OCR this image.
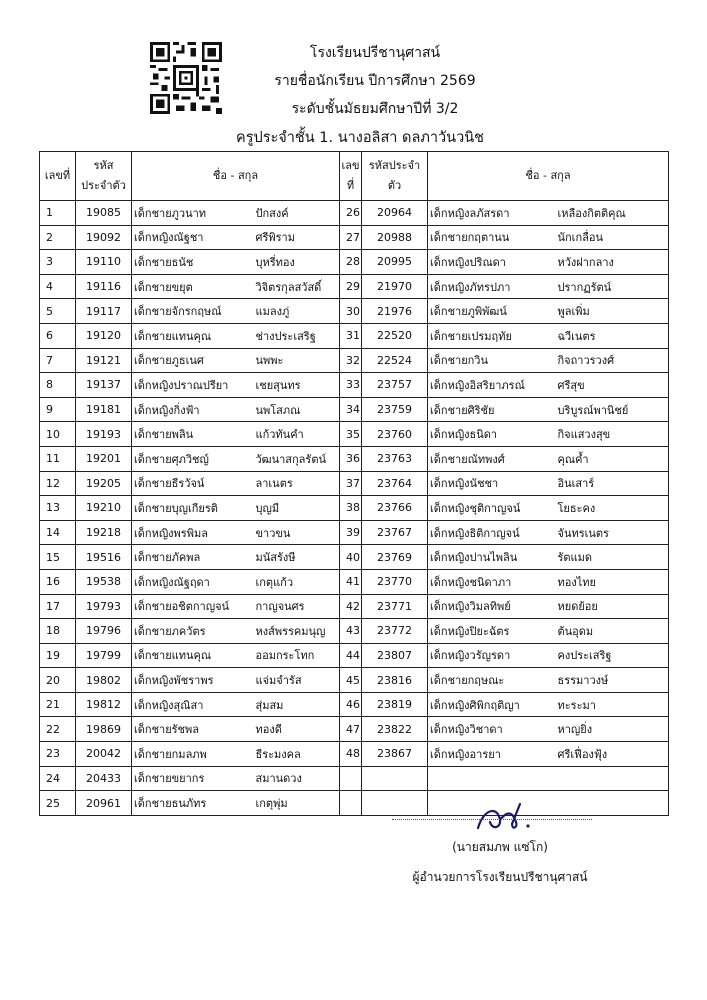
โรงเรียนปรีชานุศาสน์
รายชื่อนักเรียน ปีการศึกษา 2569
ระดับชั้นมัธยมศึกษาปีที่ 3/2
ครูประจำชั้น 1. นางอลิสา ดลภาวันวนิช
เลขที่	รหัสประจำตัว	ชื่อ - สกุล		เลขที่	รหัสประจำตัว	ชื่อ - สกุล	
1	19085	เด็กชายภูวนาท	ปักสงค์	26	20964	เด็กหญิงลภัสรดา	เหลืองกิตติคุณ
2	19092	เด็กหญิงณัฐชา	ศรีพิราม	27	20988	เด็กชายกฤตานน	นักเกลื่อน
3	19110	เด็กชายธนัช	บุหรี่ทอง	28	20995	เด็กหญิงปริณดา	หวังฝากลาง
4	19116	เด็กชายขยุต	วิจิตรกุลสวัสดิ์	29	21970	เด็กหญิงภัทรปภา	ปรากฏรัตน์
5	19117	เด็กชายจักรกฤษณ์	แมลงภู่	30	21976	เด็กชายภูพิพัฒน์	พูลเพิ่ม
6	19120	เด็กชายแทนคุณ	ช่างประเสริฐ	31	22520	เด็กชายเปรมฤทัย	ฉวีเนตร
7	19121	เด็กชายภูธเนศ	นพพะ	32	22524	เด็กชายกวิน	กิจถาวรวงศ์
8	19137	เด็กหญิงปราณปรียา	เชยสุนทร	33	23757	เด็กหญิงอิสริยาภรณ์	ศรีสุข
9	19181	เด็กหญิงกิ่งฟ้า	นพโสภณ	34	23759	เด็กชายศิริชัย	บริบูรณ์พานิชย์
10	19193	เด็กชายพลิน	แก้วทันคำ	35	23760	เด็กหญิงธนิดา	กิจแสวงสุข
11	19201	เด็กชายศุภวิชญ์	วัฒนาสกุลรัตน์	36	23763	เด็กชายณัทพงศ์	คุณค้ำ
12	19205	เด็กชายธีรวัจน์	ลาเนตร	37	23764	เด็กหญิงนัชชา	อินเสาร์
13	19210	เด็กชายบุญเกียรติ	บุญมี	38	23766	เด็กหญิงชุติกาญจน์	โยธะคง
14	19218	เด็กหญิงพรพิมล	ขาวขน	39	23767	เด็กหญิงธิติกาญจน์	จันทรเนตร
15	19516	เด็กชายภัคพล	มนัสรังษี	40	23769	เด็กหญิงปานไพลิน	รัตแมด
16	19538	เด็กหญิงณัฐฤดา	เกตุแก้ว	41	23770	เด็กหญิงชนิดาภา	ทองไทย
17	19793	เด็กชายอชิตกาญจน์	กาญจนศร	42	23771	เด็กหญิงวิมลทิพย์	หยดย้อย
18	19796	เด็กชายภควัตร	หงส์พรรคมนุญ	43	23772	เด็กหญิงปิยะฉัตร	ต้นอุดม
19	19799	เด็กชายแทนคุณ	ออมกระโทก	44	23807	เด็กหญิงวรัญรดา	คงประเสริฐ
20	19802	เด็กหญิงพัชราพร	แจ่มจำรัส	45	23816	เด็กชายกฤษณะ	ธรรมาวงษ์
21	19812	เด็กหญิงสุณิสา	สุ่มสม	46	23819	เด็กหญิงศิพิกฤติญา	ทะระมา
22	19869	เด็กชายรัชพล	ทองดี	47	23822	เด็กหญิงวิชาดา	หาญยิ่ง
23	20042	เด็กชายกมลภพ	ธีระมงคล	48	23867	เด็กหญิงอารยา	ศรีเฟื่องฟุ้ง
24	20433	เด็กชายขยากร	สมานดวง				
25	20961	เด็กชายธนภัทร	เกตุพุ่ม				
(นายสมภพ แซ่โก)
ผู้อำนวยการโรงเรียนปรีชานุศาสน์
